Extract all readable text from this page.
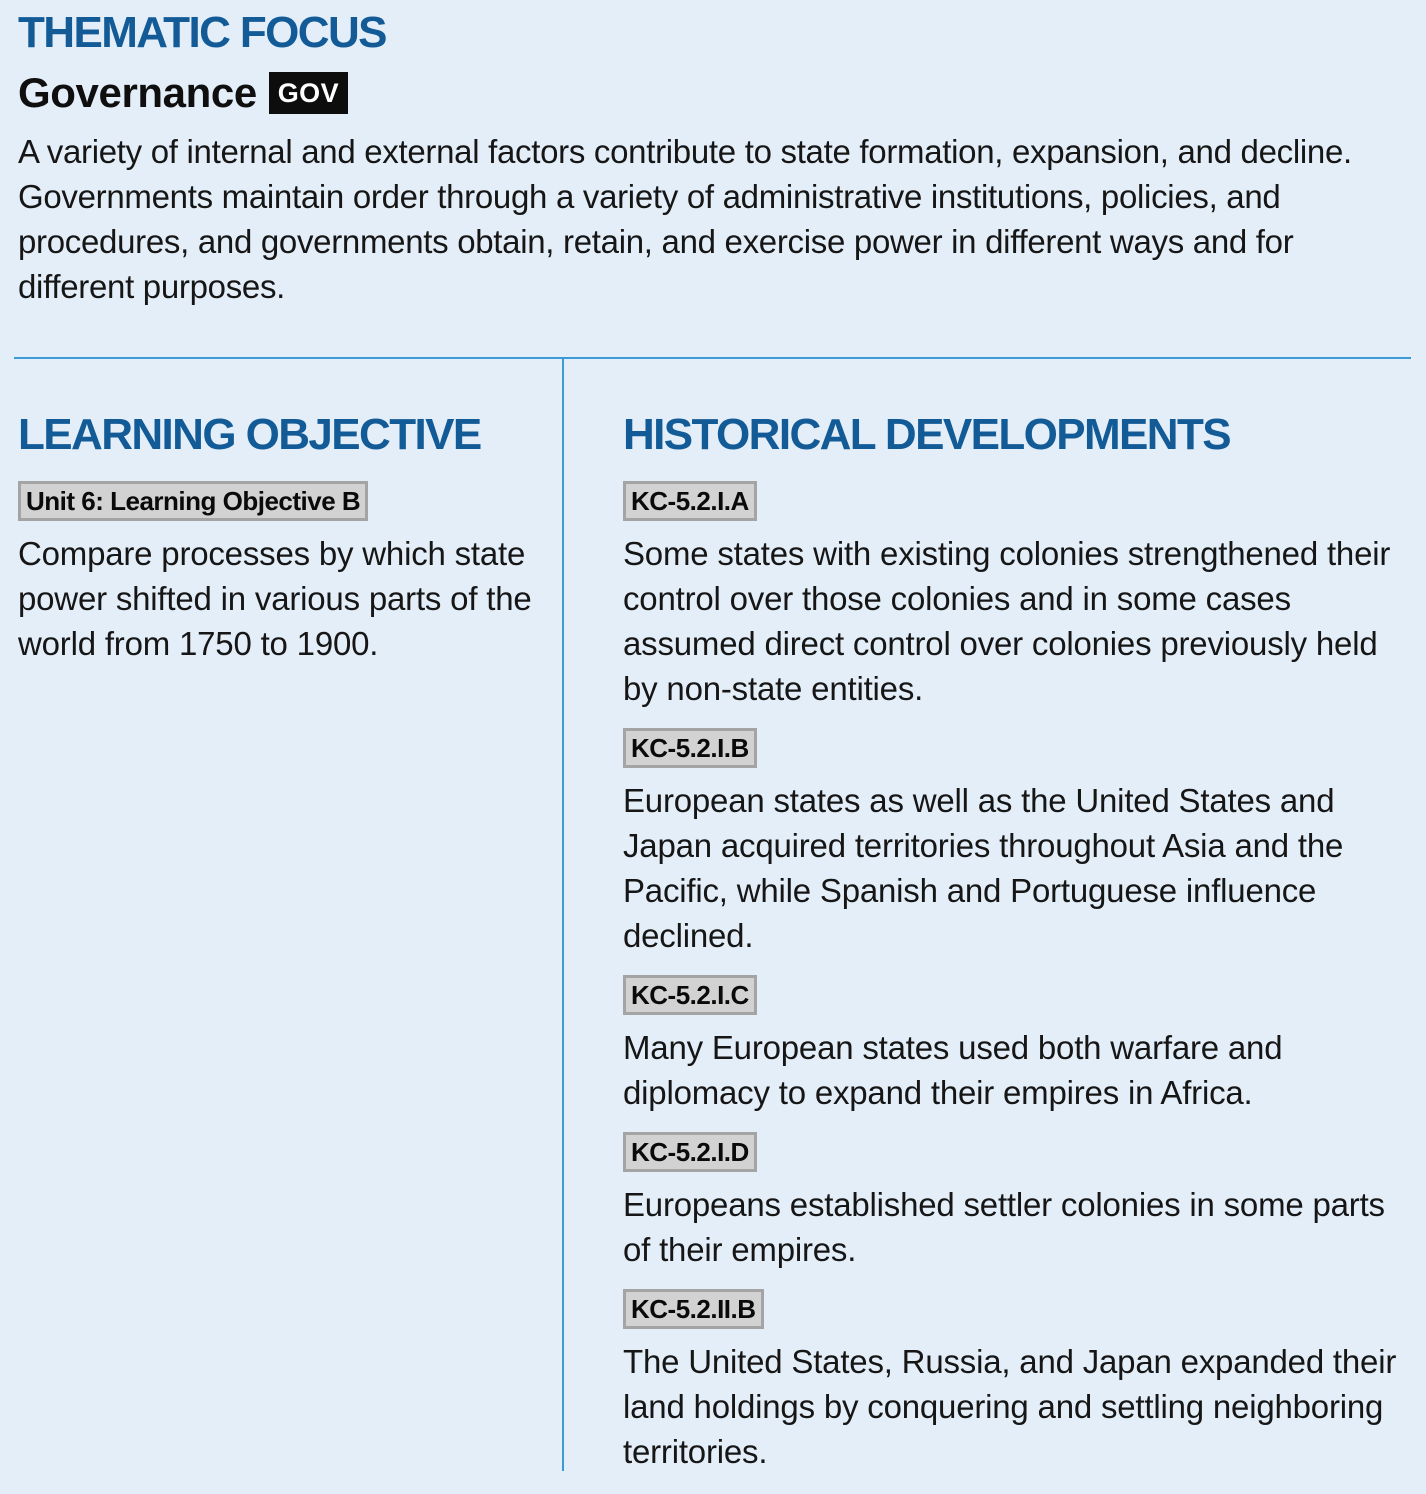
THEMATIC FOCUS
Governance GOV

A variety of internal and external factors contribute to state formation, expansion, and decline. Governments maintain order through a variety of administrative institutions, policies, and procedures, and governments obtain, retain, and exercise power in different ways and for different purposes.

LEARNING OBJECTIVE
Unit 6: Learning Objective B

Compare processes by which state power shifted in various parts of the world from 1750 to 1900.

HISTORICAL DEVELOPMENTS
KC-5.2.I.A

Some states with existing colonies strengthened their control over those colonies and in some cases assumed direct control over colonies previously held by non-state entities.

KC-5.2.I.B

European states as well as the United States and Japan acquired territories throughout Asia and the Pacific, while Spanish and Portuguese influence declined.

KC-5.2.I.C

Many European states used both warfare and diplomacy to expand their empires in Africa.

KC-5.2.I.D

Europeans established settler colonies in some parts of their empires.

KC-5.2.II.B

The United States, Russia, and Japan expanded their land holdings by conquering and settling neighboring territories.
